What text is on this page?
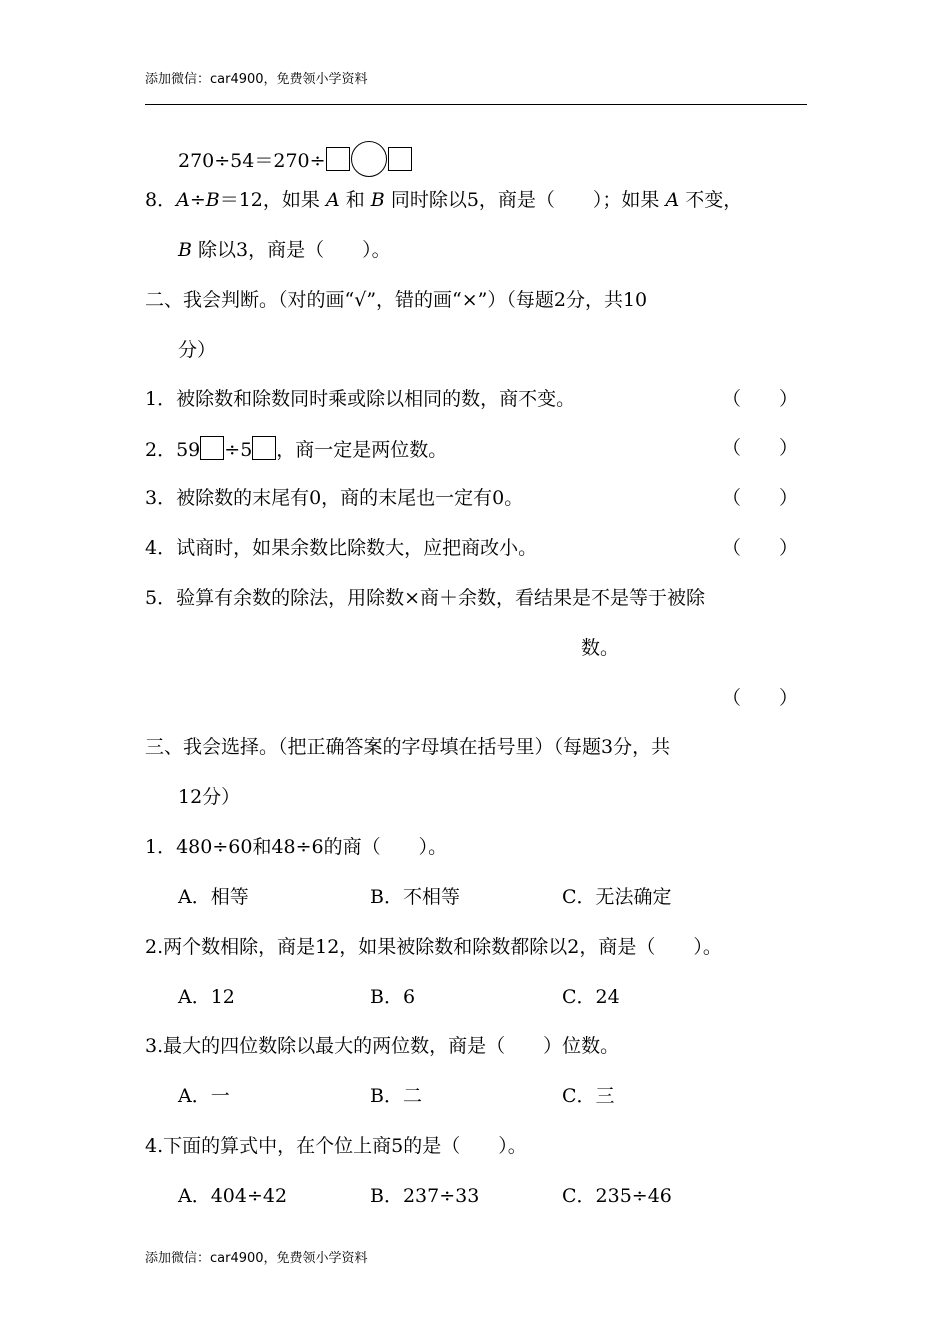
添加微信：car4900，免费领小学资料
270÷54＝270÷
8．A÷B＝12，如果 A 和 B 同时除以5，商是（　　）；如果 A 不变，
B 除以3，商是（　　）。
二、我会判断。（对的画“√”，错的画“×”）（每题2分，共10
分）
1．被除数和除数同时乘或除以相同的数，商不变。	（　　）
2．59 ÷5 ，商一定是两位数。	（　　）
3．被除数的末尾有0，商的末尾也一定有0。	（　　）
4．试商时，如果余数比除数大，应把商改小。	（　　）
5．验算有余数的除法，用除数×商＋余数，看结果是不是等于被除
数。
（　　）
三、我会选择。（把正确答案的字母填在括号里）（每题3分，共
12分）
1．480÷60和48÷6的商（　　）。
A．相等	B．不相等	C．无法确定
2.两个数相除，商是12，如果被除数和除数都除以2，商是（　　）。
A．12	B．6	C．24
3.最大的四位数除以最大的两位数，商是（　　）位数。
A．一	B．二	C．三
4.下面的算式中，在个位上商5的是（　　）。
A．404÷42	B．237÷33	C．235÷46
添加微信：car4900，免费领小学资料
